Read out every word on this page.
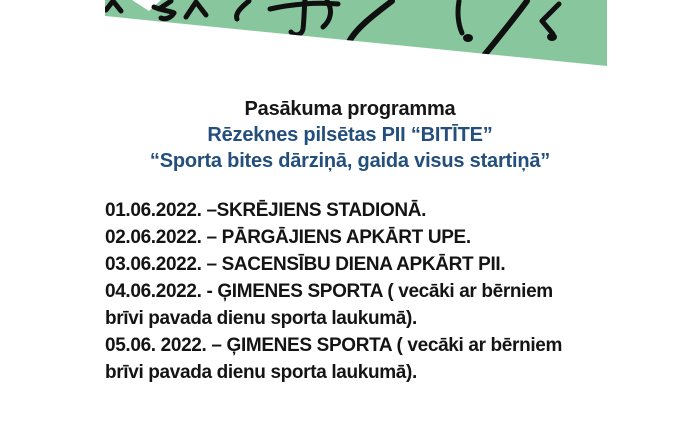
Pasākuma programma
Rēzeknes pilsētas PII “BITĪTE”
“Sporta bites dārziņā, gaida visus startiņā”
01.06.2022. –SKRĒJIENS STADIONĀ.
02.06.2022. – PĀRGĀJIENS APKĀRT UPE.
03.06.2022. – SACENSĪBU DIENA APKĀRT PII.
04.06.2022. - ĢIMENES SPORTA ( vecāki ar bērniem
brīvi pavada dienu sporta laukumā).
05.06. 2022. – ĢIMENES SPORTA ( vecāki ar bērniem
brīvi pavada dienu sporta laukumā).
